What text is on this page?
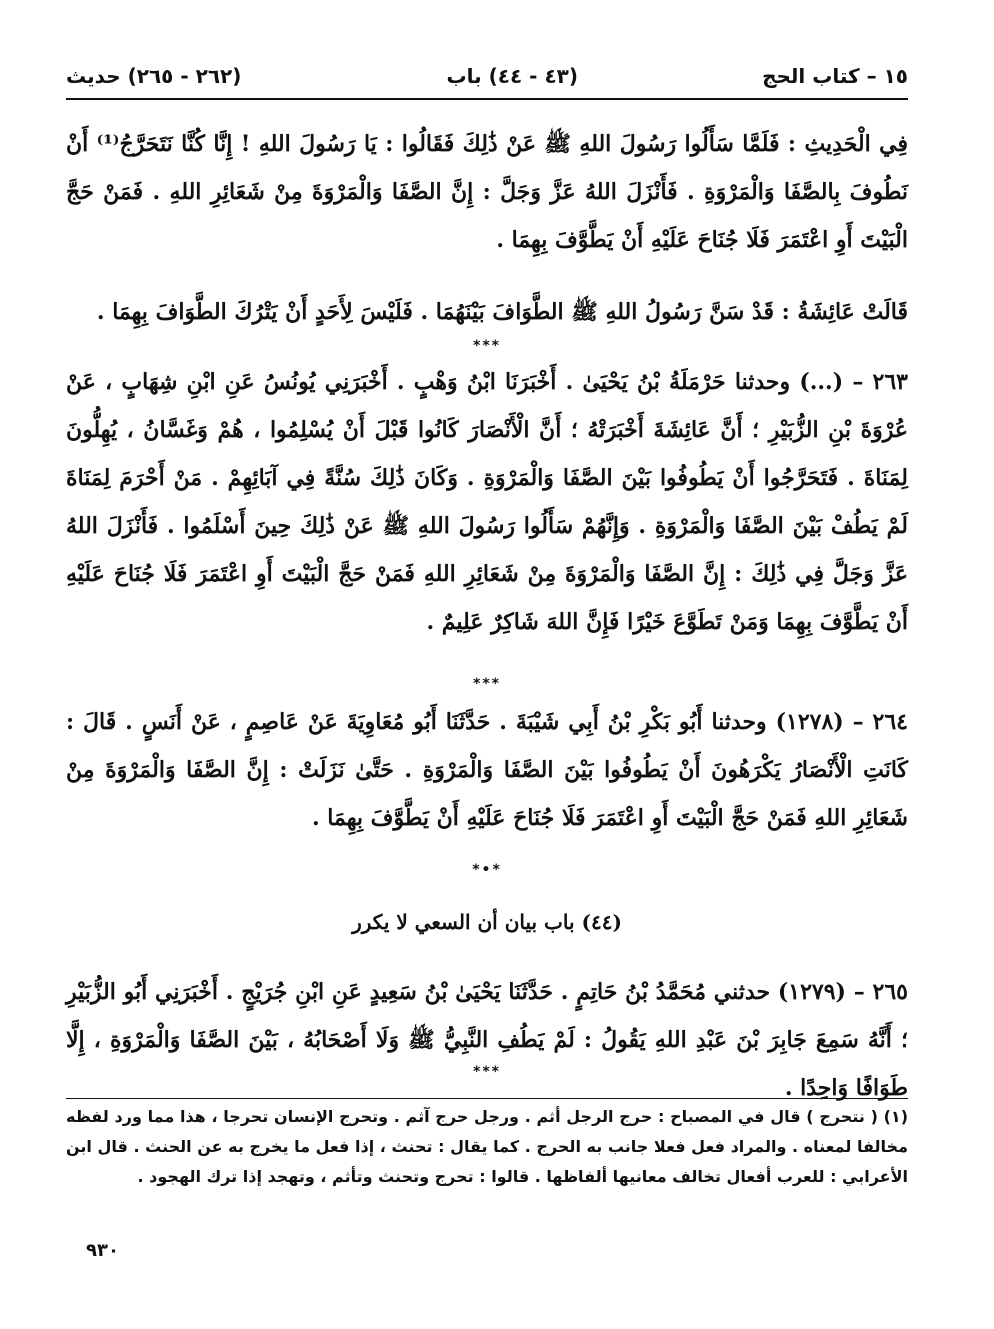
١٥ – كتاب الحج
(٤٣ - ٤٤) باب
(٢٦٢ - ٢٦٥) حديث
فِي الْحَدِيثِ : فَلَمَّا سَأَلُوا رَسُولَ اللهِ ﷺ عَنْ ذَٰلِكَ فَقَالُوا : يَا رَسُولَ اللهِ ! إِنَّا كُنَّا نَتَحَرَّجُ⁽¹⁾ أَنْ نَطُوفَ بِالصَّفَا وَالْمَرْوَةِ . فَأَنْزَلَ اللهُ عَزَّ وَجَلَّ : إِنَّ الصَّفَا وَالْمَرْوَةَ مِنْ شَعَائِرِ اللهِ . فَمَنْ حَجَّ الْبَيْتَ أَوِ اعْتَمَرَ فَلَا جُنَاحَ عَلَيْهِ أَنْ يَطَّوَّفَ بِهِمَا .
قَالَتْ عَائِشَةُ : قَدْ سَنَّ رَسُولُ اللهِ ﷺ الطَّوَافَ بَيْنَهُمَا . فَلَيْسَ لِأَحَدٍ أَنْ يَتْرُكَ الطَّوَافَ بِهِمَا .
***
٢٦٣ – (...) وحدثنا حَرْمَلَةُ بْنُ يَحْيَىٰ . أَخْبَرَنَا ابْنُ وَهْبٍ . أَخْبَرَنِي يُونُسُ عَنِ ابْنِ شِهَابٍ ، عَنْ عُرْوَةَ بْنِ الزُّبَيْرِ ؛ أَنَّ عَائِشَةَ أَخْبَرَتْهُ ؛ أَنَّ الْأَنْصَارَ كَانُوا قَبْلَ أَنْ يُسْلِمُوا ، هُمْ وَغَسَّانُ ، يُهِلُّونَ لِمَنَاةَ . فَتَحَرَّجُوا أَنْ يَطُوفُوا بَيْنَ الصَّفَا وَالْمَرْوَةِ . وَكَانَ ذَٰلِكَ سُنَّةً فِي آبَائِهِمْ . مَنْ أَحْرَمَ لِمَنَاةَ لَمْ يَطُفْ بَيْنَ الصَّفَا وَالْمَرْوَةِ . وَإِنَّهُمْ سَأَلُوا رَسُولَ اللهِ ﷺ عَنْ ذَٰلِكَ حِينَ أَسْلَمُوا . فَأَنْزَلَ اللهُ عَزَّ وَجَلَّ فِي ذَٰلِكَ : إِنَّ الصَّفَا وَالْمَرْوَةَ مِنْ شَعَائِرِ اللهِ فَمَنْ حَجَّ الْبَيْتَ أَوِ اعْتَمَرَ فَلَا جُنَاحَ عَلَيْهِ أَنْ يَطَّوَّفَ بِهِمَا وَمَنْ تَطَوَّعَ خَيْرًا فَإِنَّ اللهَ شَاكِرٌ عَلِيمٌ .
***
٢٦٤ – (١٢٧٨) وحدثنا أَبُو بَكْرِ بْنُ أَبِي شَيْبَةَ . حَدَّثَنَا أَبُو مُعَاوِيَةَ عَنْ عَاصِمٍ ، عَنْ أَنَسٍ . قَالَ : كَانَتِ الْأَنْصَارُ يَكْرَهُونَ أَنْ يَطُوفُوا بَيْنَ الصَّفَا وَالْمَرْوَةِ . حَتَّىٰ نَزَلَتْ : إِنَّ الصَّفَا وَالْمَرْوَةَ مِنْ شَعَائِرِ اللهِ فَمَنْ حَجَّ الْبَيْتَ أَوِ اعْتَمَرَ فَلَا جُنَاحَ عَلَيْهِ أَنْ يَطَّوَّفَ بِهِمَا .
*•*
(٤٤) باب بيان أن السعي لا يكرر
٢٦٥ – (١٢٧٩) حدثني مُحَمَّدُ بْنُ حَاتِمٍ . حَدَّثَنَا يَحْيَىٰ بْنُ سَعِيدٍ عَنِ ابْنِ جُرَيْجٍ . أَخْبَرَنِي أَبُو الزُّبَيْرِ ؛ أَنَّهُ سَمِعَ جَابِرَ بْنَ عَبْدِ اللهِ يَقُولُ : لَمْ يَطُفِ النَّبِيُّ ﷺ وَلَا أَصْحَابُهُ ، بَيْنَ الصَّفَا وَالْمَرْوَةِ ، إِلَّا طَوَافًا وَاحِدًا .
***
(١) ( نتحرج ) قال في المصباح : حرج الرجل أثم . ورجل حرج آثم . وتحرج الإنسان تحرجا ، هذا مما ورد لفظه مخالفا لمعناه . والمراد فعل فعلا جانب به الحرج . كما يقال : تحنث ، إذا فعل ما يخرج به عن الحنث . قال ابن الأعرابي : للعرب أفعال تخالف معانيها ألفاظها . قالوا : تحرج وتحنث وتأثم ، وتهجد إذا ترك الهجود .
٩٣٠
